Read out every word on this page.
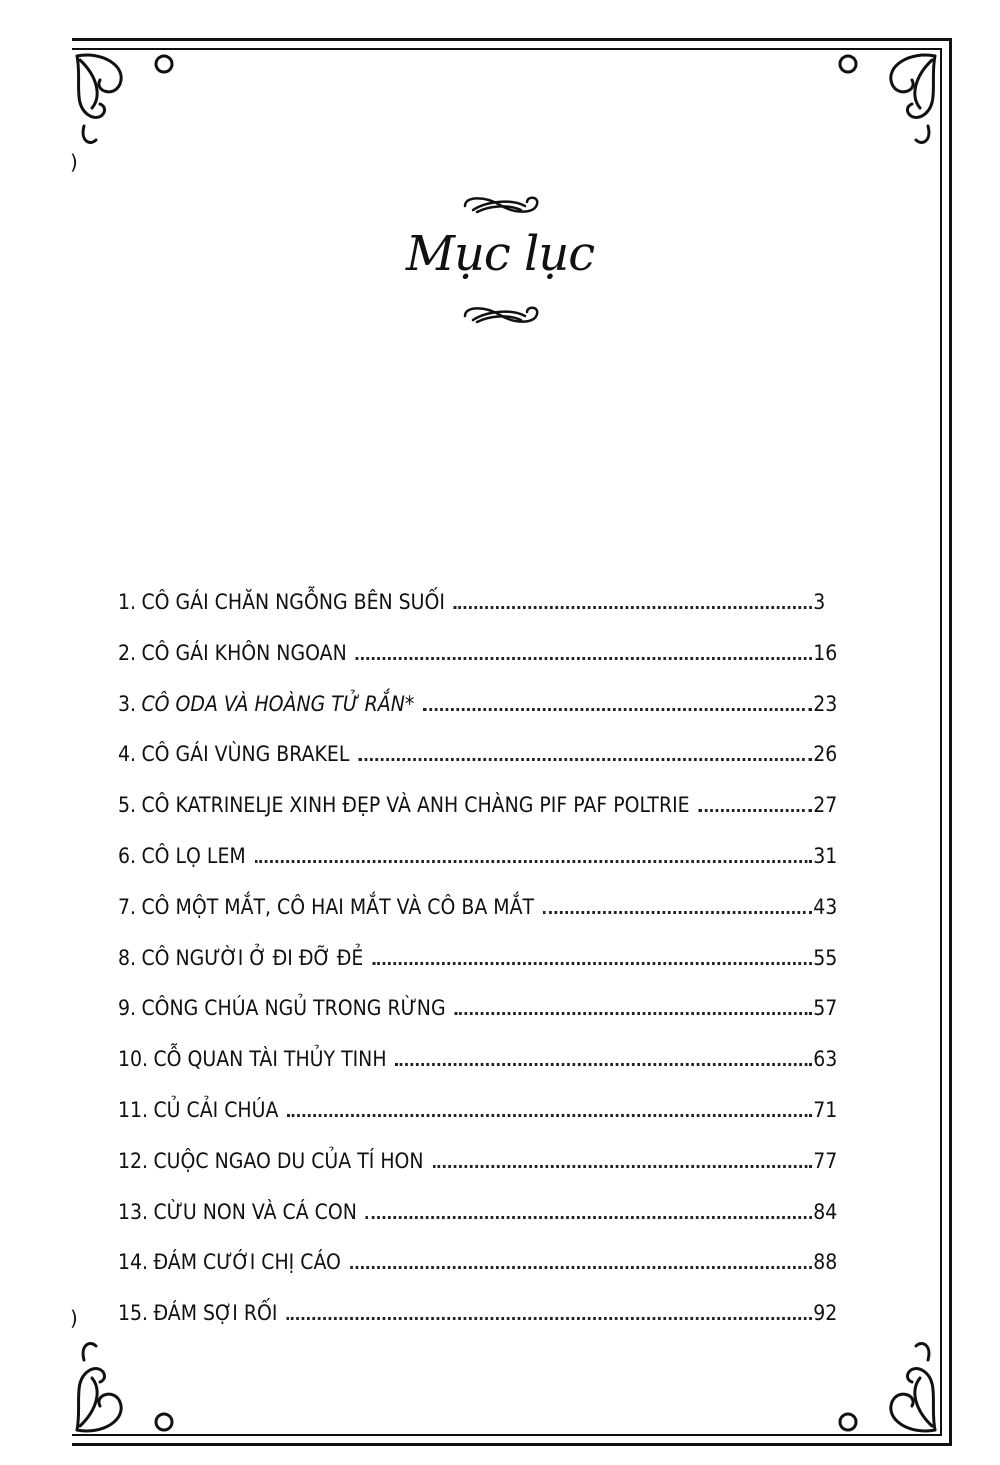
)
)
Mục lục
1. CÔ GÁI CHĂN NGỖNG BÊN SUỐI	3
2. CÔ GÁI KHÔN NGOAN	16
3. CÔ ODA VÀ HOÀNG TỬ RẮN*	23
4. CÔ GÁI VÙNG BRAKEL	26
5. CÔ KATRINELJE XINH ĐẸP VÀ ANH CHÀNG PIF PAF POLTRIE	27
6. CÔ LỌ LEM	31
7. CÔ MỘT MẮT, CÔ HAI MẮT VÀ CÔ BA MẮT	43
8. CÔ NGƯỜI Ở ĐI ĐỠ ĐẺ	55
9. CÔNG CHÚA NGỦ TRONG RỪNG	57
10. CỖ QUAN TÀI THỦY TINH	63
11. CỦ CẢI CHÚA	71
12. CUỘC NGAO DU CỦA TÍ HON	77
13. CỪU NON VÀ CÁ CON	84
14. ĐÁM CƯỚI CHỊ CÁO	88
15. ĐÁM SỢI RỐI	92
